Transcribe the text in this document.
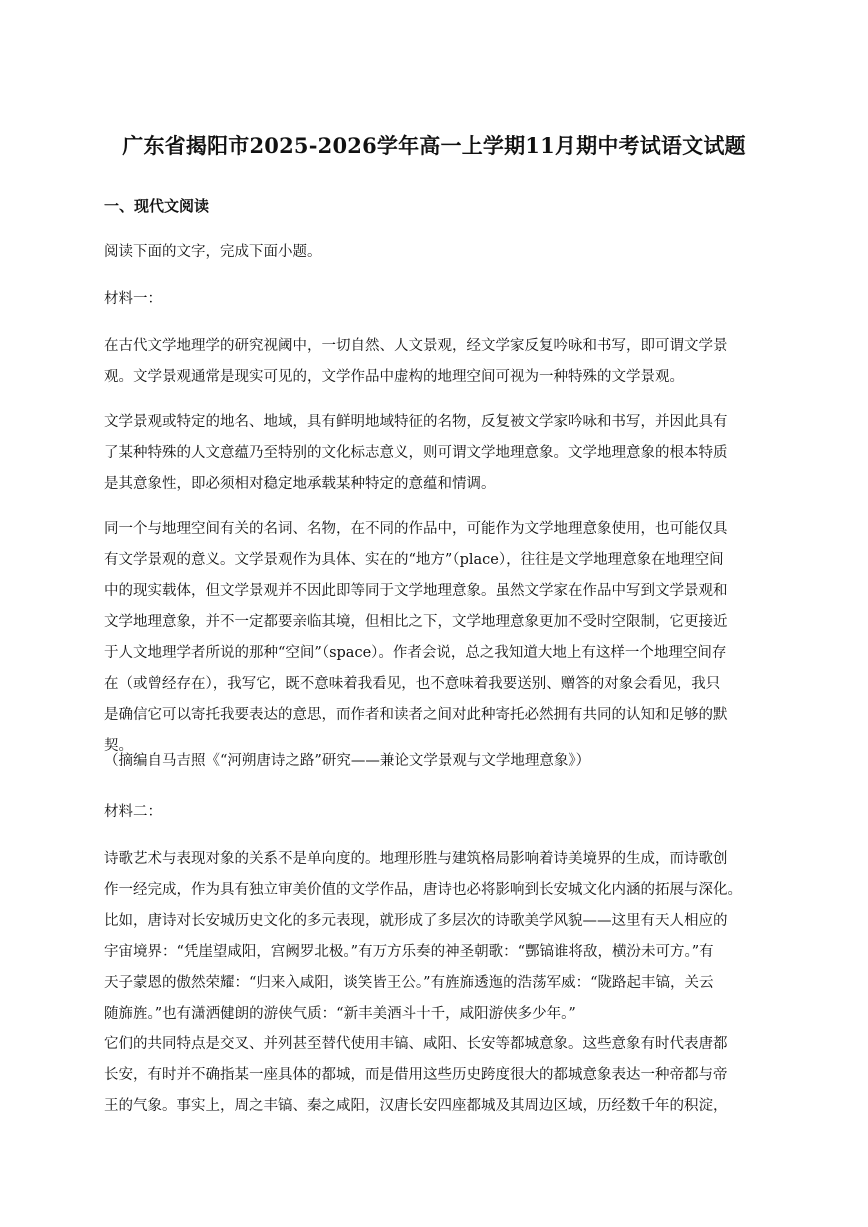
广东省揭阳市2025-2026学年高一上学期11月期中考试语文试题
一、现代文阅读
阅读下面的文字，完成下面小题。
材料一：
在古代文学地理学的研究视阈中，一切自然、人文景观，经文学家反复吟咏和书写，即可谓文学景
观。文学景观通常是现实可见的，文学作品中虚构的地理空间可视为一种特殊的文学景观。
文学景观或特定的地名、地域，具有鲜明地域特征的名物，反复被文学家吟咏和书写，并因此具有
了某种特殊的人文意蕴乃至特别的文化标志意义，则可谓文学地理意象。文学地理意象的根本特质
是其意象性，即必须相对稳定地承载某种特定的意蕴和情调。
同一个与地理空间有关的名词、名物，在不同的作品中，可能作为文学地理意象使用，也可能仅具
有文学景观的意义。文学景观作为具体、实在的“地方”（place），往往是文学地理意象在地理空间
中的现实载体，但文学景观并不因此即等同于文学地理意象。虽然文学家在作品中写到文学景观和
文学地理意象，并不一定都要亲临其境，但相比之下，文学地理意象更加不受时空限制，它更接近
于人文地理学者所说的那种“空间”（space）。作者会说，总之我知道大地上有这样一个地理空间存
在（或曾经存在），我写它，既不意味着我看见，也不意味着我要送别、赠答的对象会看见，我只
是确信它可以寄托我要表达的意思，而作者和读者之间对此种寄托必然拥有共同的认知和足够的默
契。
（摘编自马吉照《“河朔唐诗之路”研究——兼论文学景观与文学地理意象》）
材料二：
诗歌艺术与表现对象的关系不是单向度的。地理形胜与建筑格局影响着诗美境界的生成，而诗歌创
作一经完成，作为具有独立审美价值的文学作品，唐诗也必将影响到长安城文化内涵的拓展与深化。
比如，唐诗对长安城历史文化的多元表现，就形成了多层次的诗歌美学风貌——这里有天人相应的
宇宙境界：“凭崖望咸阳，宫阙罗北极。”有万方乐奏的神圣朝歌：“酆镐谁将敌，横汾未可方。”有
天子蒙恩的傲然荣耀：“归来入咸阳，谈笑皆王公。”有旌旆透迤的浩荡军威：“陇路起丰镐，关云
随旆旌。”也有潇洒健朗的游侠气质：“新丰美酒斗十千，咸阳游侠多少年。”
它们的共同特点是交叉、并列甚至替代使用丰镐、咸阳、长安等都城意象。这些意象有时代表唐都
长安，有时并不确指某一座具体的都城，而是借用这些历史跨度很大的都城意象表达一种帝都与帝
王的气象。事实上，周之丰镐、秦之咸阳，汉唐长安四座都城及其周边区域，历经数千年的积淀，
